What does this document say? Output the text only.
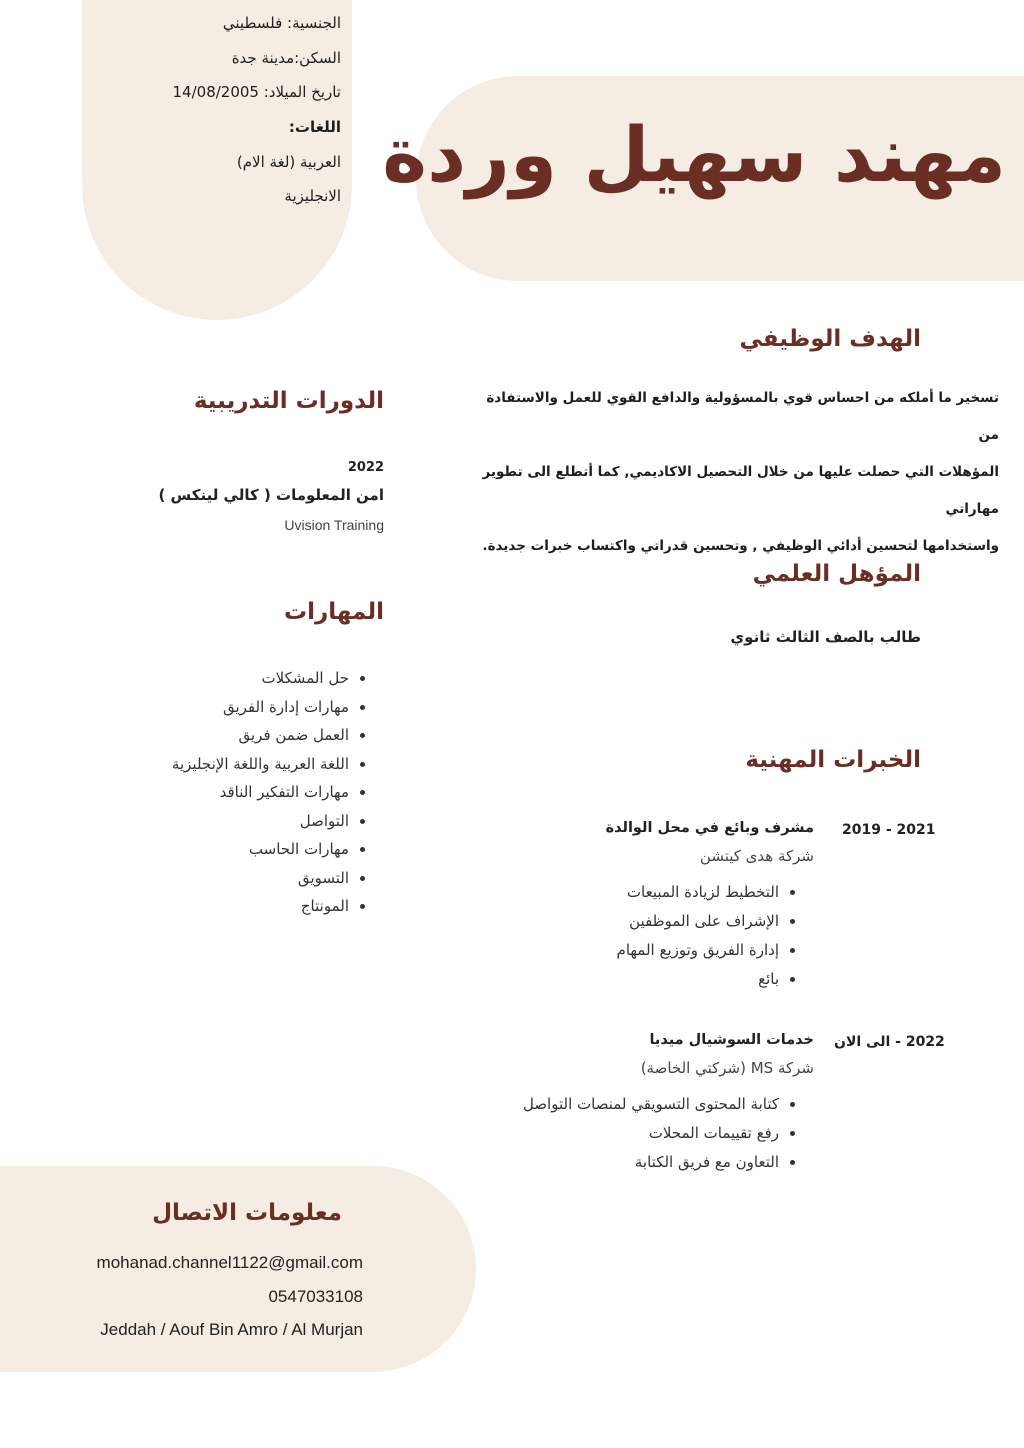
الجنسية: فلسطيني
السكن:مدينة جدة
تاريخ الميلاد: 14/08/2005
اللغات:
العربية (لغة الام)
الانجليزية مهند سهيل وردة
الهدف الوظيفي
تسخير ما أملكه من احساس قوي بالمسؤولية والدافع القوي للعمل والاستفادة من
المؤهلات التي حصلت عليها من خلال التحصيل الاكاديمي, كما أتطلع الى تطوير مهاراتي
واستخدامها لتحسين أدائي الوظيفي , وتحسين قدراتي واكتساب خبرات جديدة.
المؤهل العلمي
طالب بالصف الثالث ثانوي
الخبرات المهنية
2019 - 2021
مشرف وبائع في محل الوالدة
شركة هدى كيتشن
• التخطيط لزيادة المبيعات
• الإشراف على الموظفين
• إدارة الفريق وتوزيع المهام
• بائع
2022 - الى الان
خدمات السوشيال ميديا
شركة MS (شركتي الخاصة)
• كتابة المحتوى التسويقي لمنصات التواصل
• رفع تقييمات المحلات
• التعاون مع فريق الكتابة
الدورات التدريبية
2022
امن المعلومات ( كالي لينكس )
Uvision Training
المهارات
• حل المشكلات
• مهارات إدارة الفريق
• العمل ضمن فريق
• اللغة العربية واللغة الإنجليزية
• مهارات التفكير الناقد
• التواصل
• مهارات الحاسب
• التسويق
• المونتاج
معلومات الاتصال
mohanad.channel1122@gmail.com
0547033108
Jeddah / Aouf Bin Amro / Al Murjan
